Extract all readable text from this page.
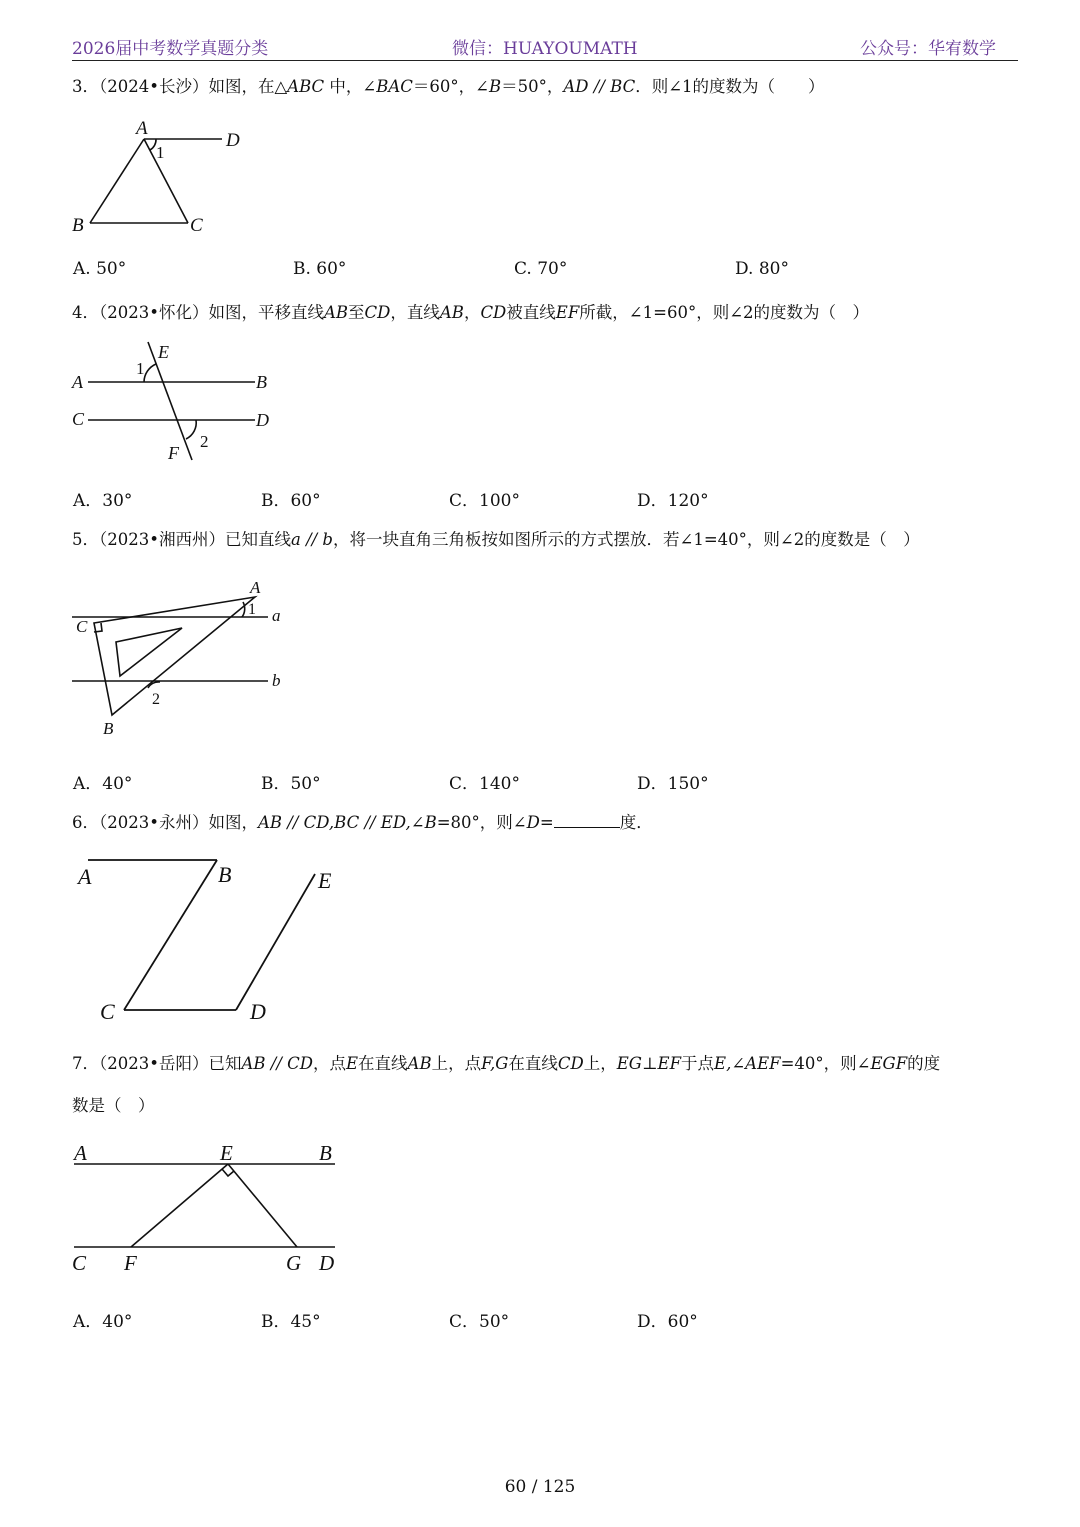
2026届中考数学真题分类	微信：HUAYOUMATH	公众号：华宥数学
3．（2024•长沙）如图，在△ABC 中，∠BAC＝60°，∠B＝50°，AD // BC．则∠1的度数为（　　）
A
D
1
B	C
A. 50°	B. 60°	C. 70°	D. 80°
4．（2023•怀化）如图，平移直线AB至CD，直线AB，CD被直线EF所截，∠1=60°，则∠2的度数为（　）
E
1
A	B
C	D
F
2
A．30°	B．60°	C．100°	D．120°
5．（2023•湘西州）已知直线a // b，将一块直角三角板按如图所示的方式摆放．若∠1=40°，则∠2的度数是（　）
A
1 a
C
b
2
B
A．40°	B．50°	C．140°	D．150°
6．（2023•永州）如图，AB // CD,BC // ED,∠B=80°，则∠D=	度．
A	B	E
C	D
7．（2023•岳阳）已知AB // CD，点E在直线AB上，点F,G在直线CD上，EG⊥EF于点E,∠AEF=40°，则∠EGF的度
数是（　）
A	E	B
C F	G D
A．40°	B．45°	C．50°	D．60°
60 / 125
